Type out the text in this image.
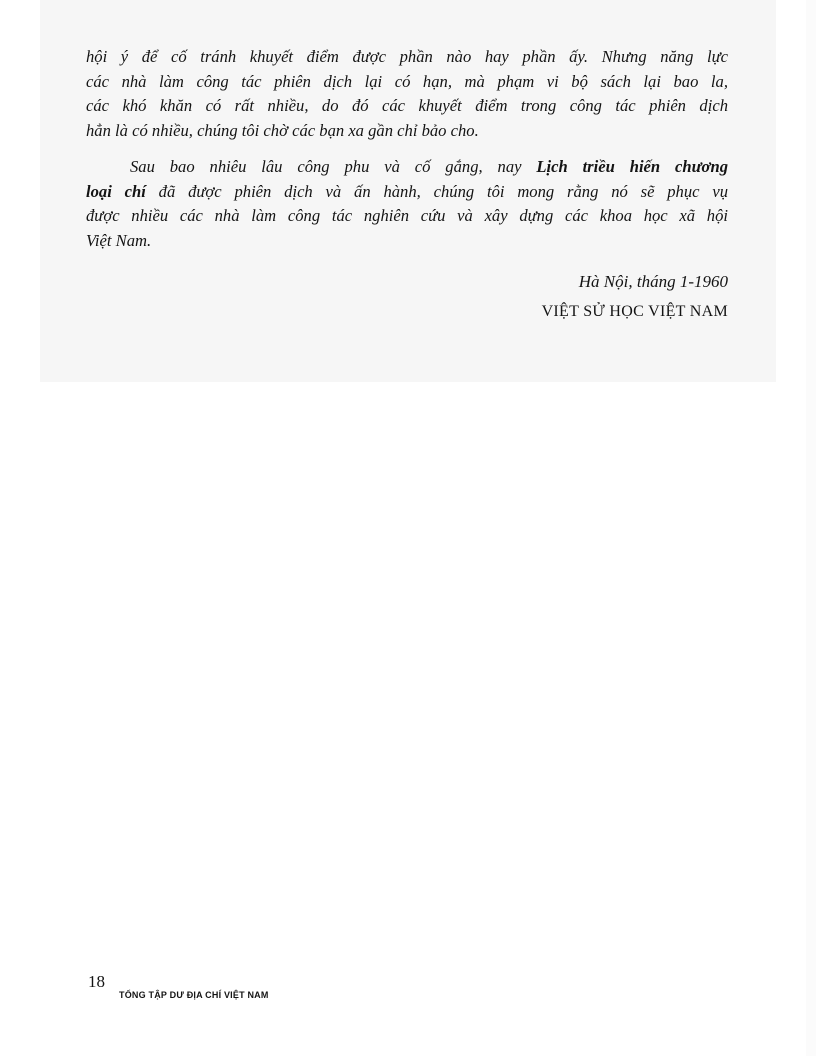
hội ý để cố tránh khuyết điểm được phần nào hay phần ấy. Nhưng năng lực
các nhà làm công tác phiên dịch lại có hạn, mà phạm vi bộ sách lại bao la,
các khó khăn có rất nhiều, do đó các khuyết điểm trong công tác phiên dịch
hẳn là có nhiều, chúng tôi chờ các bạn xa gần chỉ bảo cho.
Sau bao nhiêu lâu công phu và cố gắng, nay Lịch triều hiến chương
loại chí đã được phiên dịch và ấn hành, chúng tôi mong rằng nó sẽ phục vụ
được nhiều các nhà làm công tác nghiên cứu và xây dựng các khoa học xã hội
Việt Nam.
Hà Nội, tháng 1-1960
VIỆT SỬ HỌC VIỆT NAM
18
TỔNG TẬP DƯ ĐỊA CHÍ VIỆT NAM
